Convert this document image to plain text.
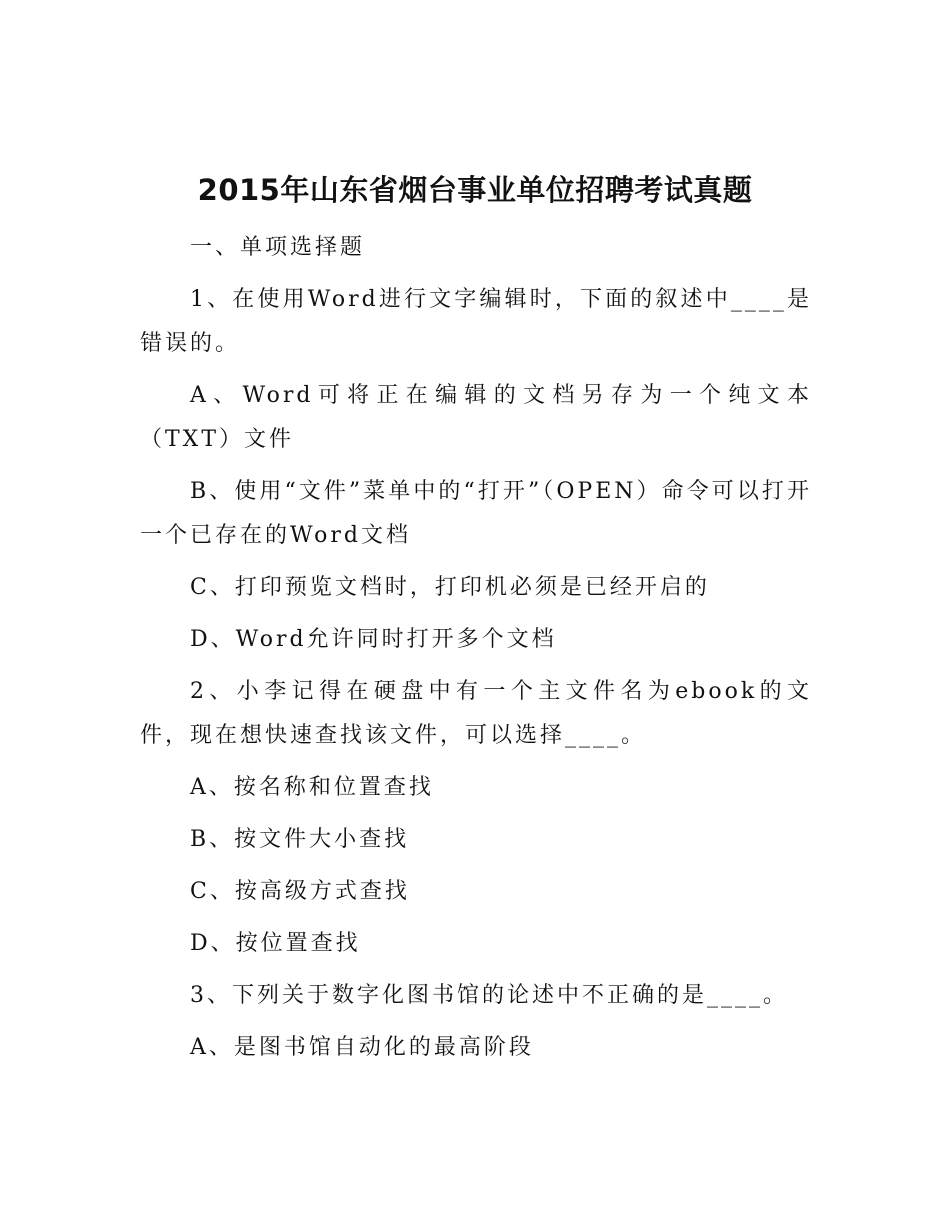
2015年山东省烟台事业单位招聘考试真题

一、单项选择题

1、在使用Word进行文字编辑时，下面的叙述中____是错误的。

A、Word可将正在编辑的文档另存为一个纯文本（TXT）文件

B、使用“文件”菜单中的“打开”（OPEN）命令可以打开一个已存在的Word文档

C、打印预览文档时，打印机必须是已经开启的

D、Word允许同时打开多个文档

2、小李记得在硬盘中有一个主文件名为ebook的文件，现在想快速查找该文件，可以选择____。

A、按名称和位置查找

B、按文件大小查找

C、按高级方式查找

D、按位置查找

3、下列关于数字化图书馆的论述中不正确的是____。

A、是图书馆自动化的最高阶段
